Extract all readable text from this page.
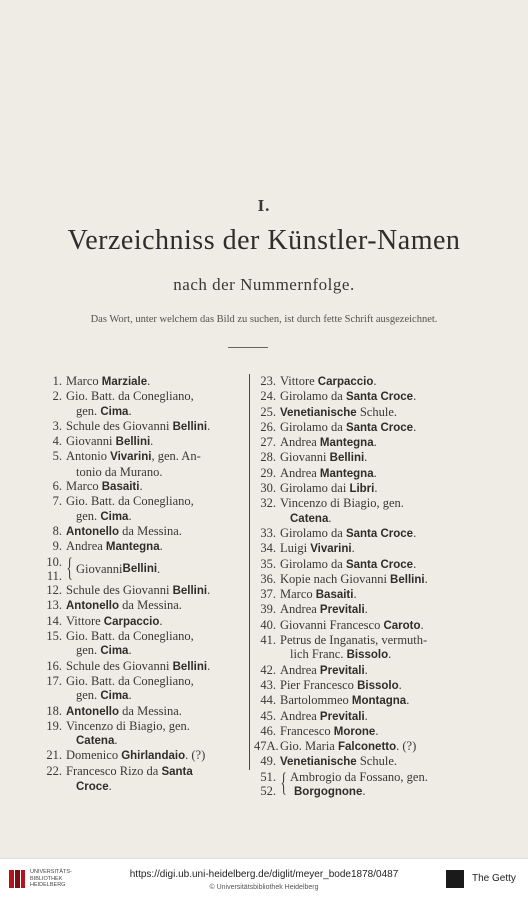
I.
Verzeichniss der Künstler-Namen
nach der Nummernfolge.
Das Wort, unter welchem das Bild zu suchen, ist durch fette Schrift ausgezeichnet.
1. Marco Marziale.
2. Gio. Batt. da Conegliano,
gen. Cima.
3. Schule des Giovanni Bellini.
4. Giovanni Bellini.
5. Antonio Vivarini, gen. An-
tonio da Murano.
6. Marco Basaiti.
7. Gio. Batt. da Conegliano,
gen. Cima.
8. Antonello da Messina.
9. Andrea Mantegna.
10.
11. { Giovanni Bellini .
12. Schule des Giovanni Bellini.
13. Antonello da Messina.
14. Vittore Carpaccio.
15. Gio. Batt. da Conegliano,
gen. Cima.
16. Schule des Giovanni Bellini.
17. Gio. Batt. da Conegliano,
gen. Cima.
18. Antonello da Messina.
19. Vincenzo di Biagio, gen.
Catena.
21. Domenico Ghirlandaio. (?)
22. Francesco Rizo da Santa
Croce.
23. Vittore Carpaccio.
24. Girolamo da Santa Croce.
25. Venetianische Schule.
26. Girolamo da Santa Croce.
27. Andrea Mantegna.
28. Giovanni Bellini.
29. Andrea Mantegna.
30. Girolamo dai Libri.
32. Vincenzo di Biagio, gen.
Catena.
33. Girolamo da Santa Croce.
34. Luigi Vivarini.
35. Girolamo da Santa Croce.
36. Kopie nach Giovanni Bellini.
37. Marco Basaiti.
39. Andrea Previtali.
40. Giovanni Francesco Caroto.
41. Petrus de Inganatis, vermuth-
lich Franc. Bissolo.
42. Andrea Previtali.
43. Pier Francesco Bissolo.
44. Bartolommeo Montagna.
45. Andrea Previtali.
46. Francesco Morone.
47A. Gio. Maria Falconetto. (?)
49. Venetianische Schule.
51.
52. { Ambrogio da Fossano, gen.
Borgognone.
UNIVERSITÄTS-
BIBLIOTHEK
HEIDELBERG
https://digi.ub.uni-heidelberg.de/diglit/meyer_bode1878/0487
© Universitätsbibliothek Heidelberg
The Getty
